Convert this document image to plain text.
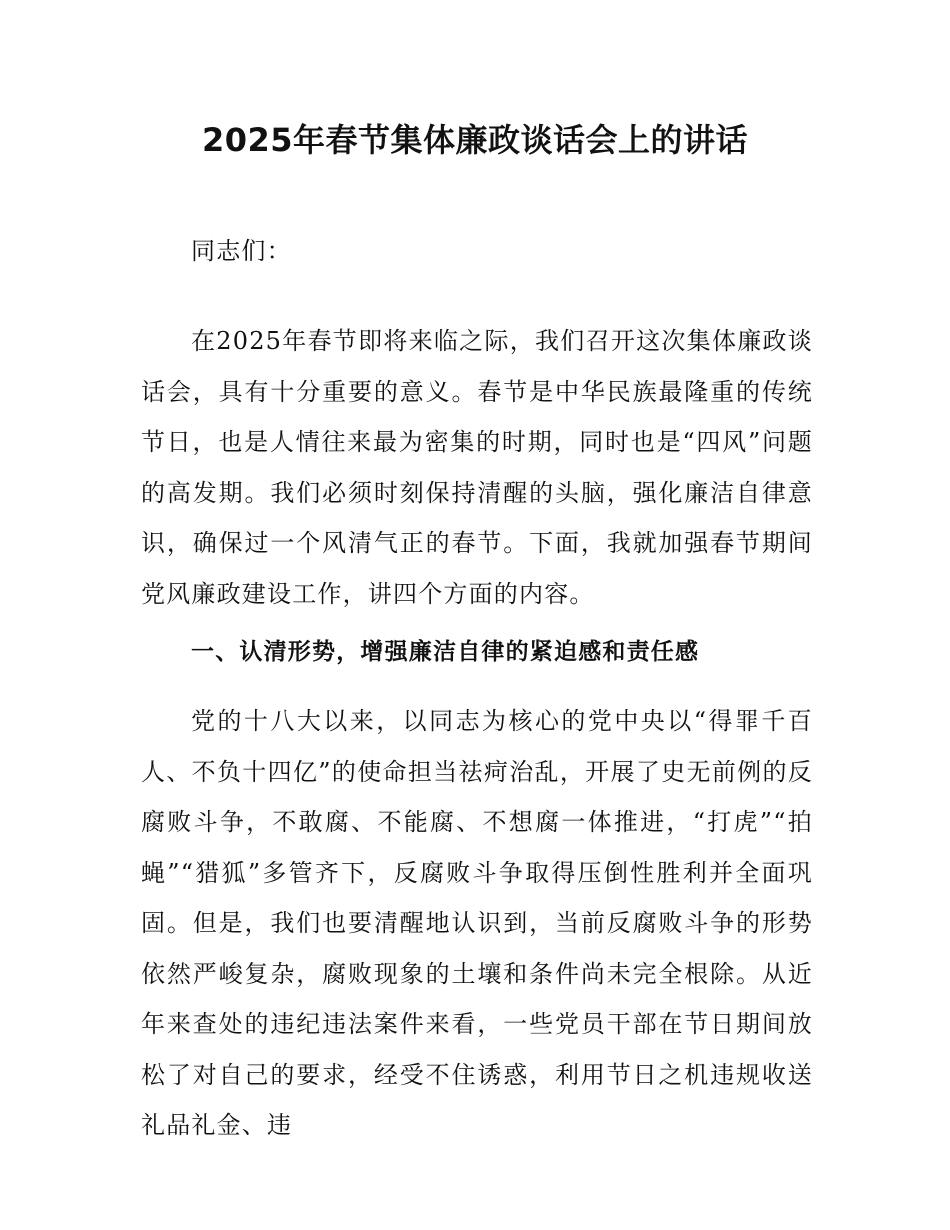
2025年春节集体廉政谈话会上的讲话

同志们：

在2025年春节即将来临之际，我们召开这次集体廉政谈话会，具有十分重要的意义。春节是中华民族最隆重的传统节日，也是人情往来最为密集的时期，同时也是“四风”问题的高发期。我们必须时刻保持清醒的头脑，强化廉洁自律意识，确保过一个风清气正的春节。下面，我就加强春节期间党风廉政建设工作，讲四个方面的内容。

一、认清形势，增强廉洁自律的紧迫感和责任感

党的十八大以来，以同志为核心的党中央以“得罪千百人、不负十四亿”的使命担当祛疴治乱，开展了史无前例的反腐败斗争，不敢腐、不能腐、不想腐一体推进，“打虎”“拍蝇”“猎狐”多管齐下，反腐败斗争取得压倒性胜利并全面巩固。但是，我们也要清醒地认识到，当前反腐败斗争的形势依然严峻复杂，腐败现象的土壤和条件尚未完全根除。从近年来查处的违纪违法案件来看，一些党员干部在节日期间放松了对自己的要求，经受不住诱惑，利用节日之机违规收送礼品礼金、违
